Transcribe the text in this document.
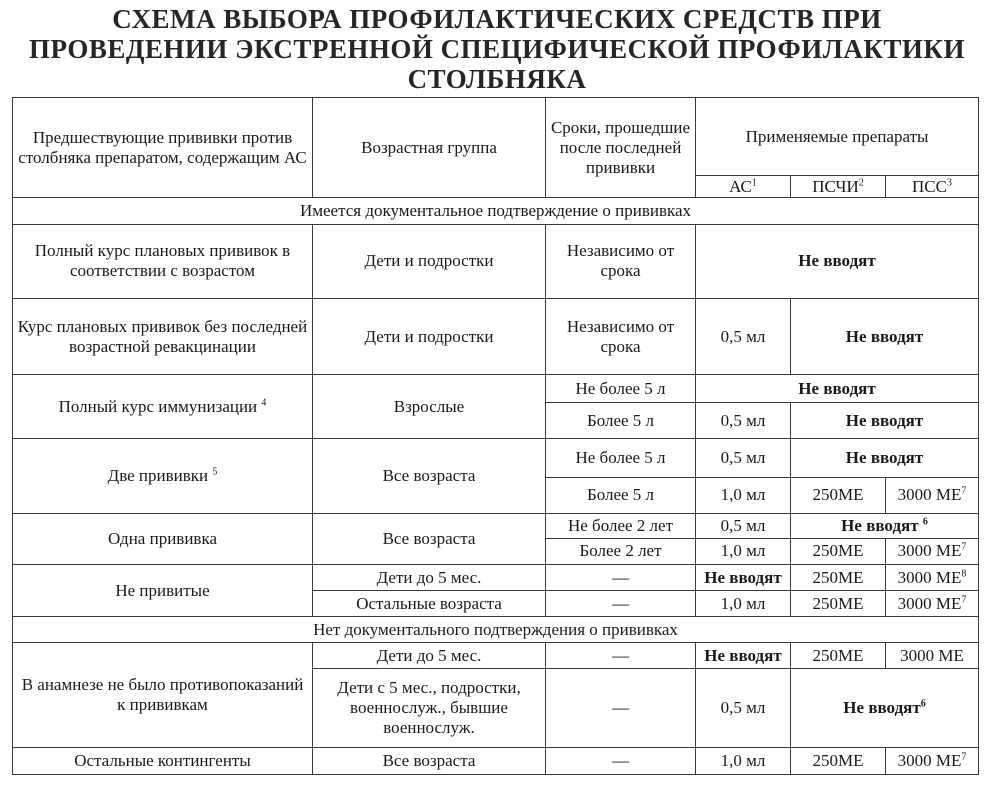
СХЕМА ВЫБОРА ПРОФИЛАКТИЧЕСКИХ СРЕДСТВ ПРИ
ПРОВЕДЕНИИ ЭКСТРЕННОЙ СПЕЦИФИЧЕСКОЙ ПРОФИЛАКТИКИ
СТОЛБНЯКА
Предшествующие прививки против столбняка препаратом, содержащим АС	Возрастная группа	Сроки, прошедшие после последней прививки	Применяемые препараты		
			$АС^1$	ПСЧИ$^2$	ПСС$^3$
Имеется документальное подтверждение о прививках					
Полный курс плановых прививок в соответствии с возрастом	Дети и подростки	Независимо от срока	Не вводят		
Курс плановых прививок без последней возрастной ревакцинации	Дети и подростки	Независимо от срока	0,5 мл	Не вводят	
Полный курс иммунизации $^4$	Взрослые	Не более 5 л	Не вводят		
		Более 5 л	0,5 мл	Не вводят	
Две прививки $^5$	Все возраста	Не более 5 л	0,5 мл	Не вводят	
		Более 5 л	1,0 мл	250МЕ	3000 $МЕ^7$
Одна прививка	Все возраста	Не более 2 лет	0,5 мл	Не вводят $^6$
		Более 2 лет	1,0 мл	250МЕ	3000 $МЕ^7$
Не привитые	Дети до 5 мес.	—	Не вводят	250МЕ	3000 $МЕ^8$
	Остальные возраста	—	1,0 мл	250МЕ	3000 $МЕ^7$
Нет документального подтверждения о прививках					
В анамнезе не было противопоказаний к прививкам	Дети до 5 мес.	—	Не вводят	250МЕ	3000 МЕ
	Дети с 5 мес., подростки, военнослуж., бывшие военнослуж.	—	0,5 мл	Не вводят$^6$
Остальные контингенты	Все возраста	—	1,0 мл	250МЕ	3000 $МЕ^7$
